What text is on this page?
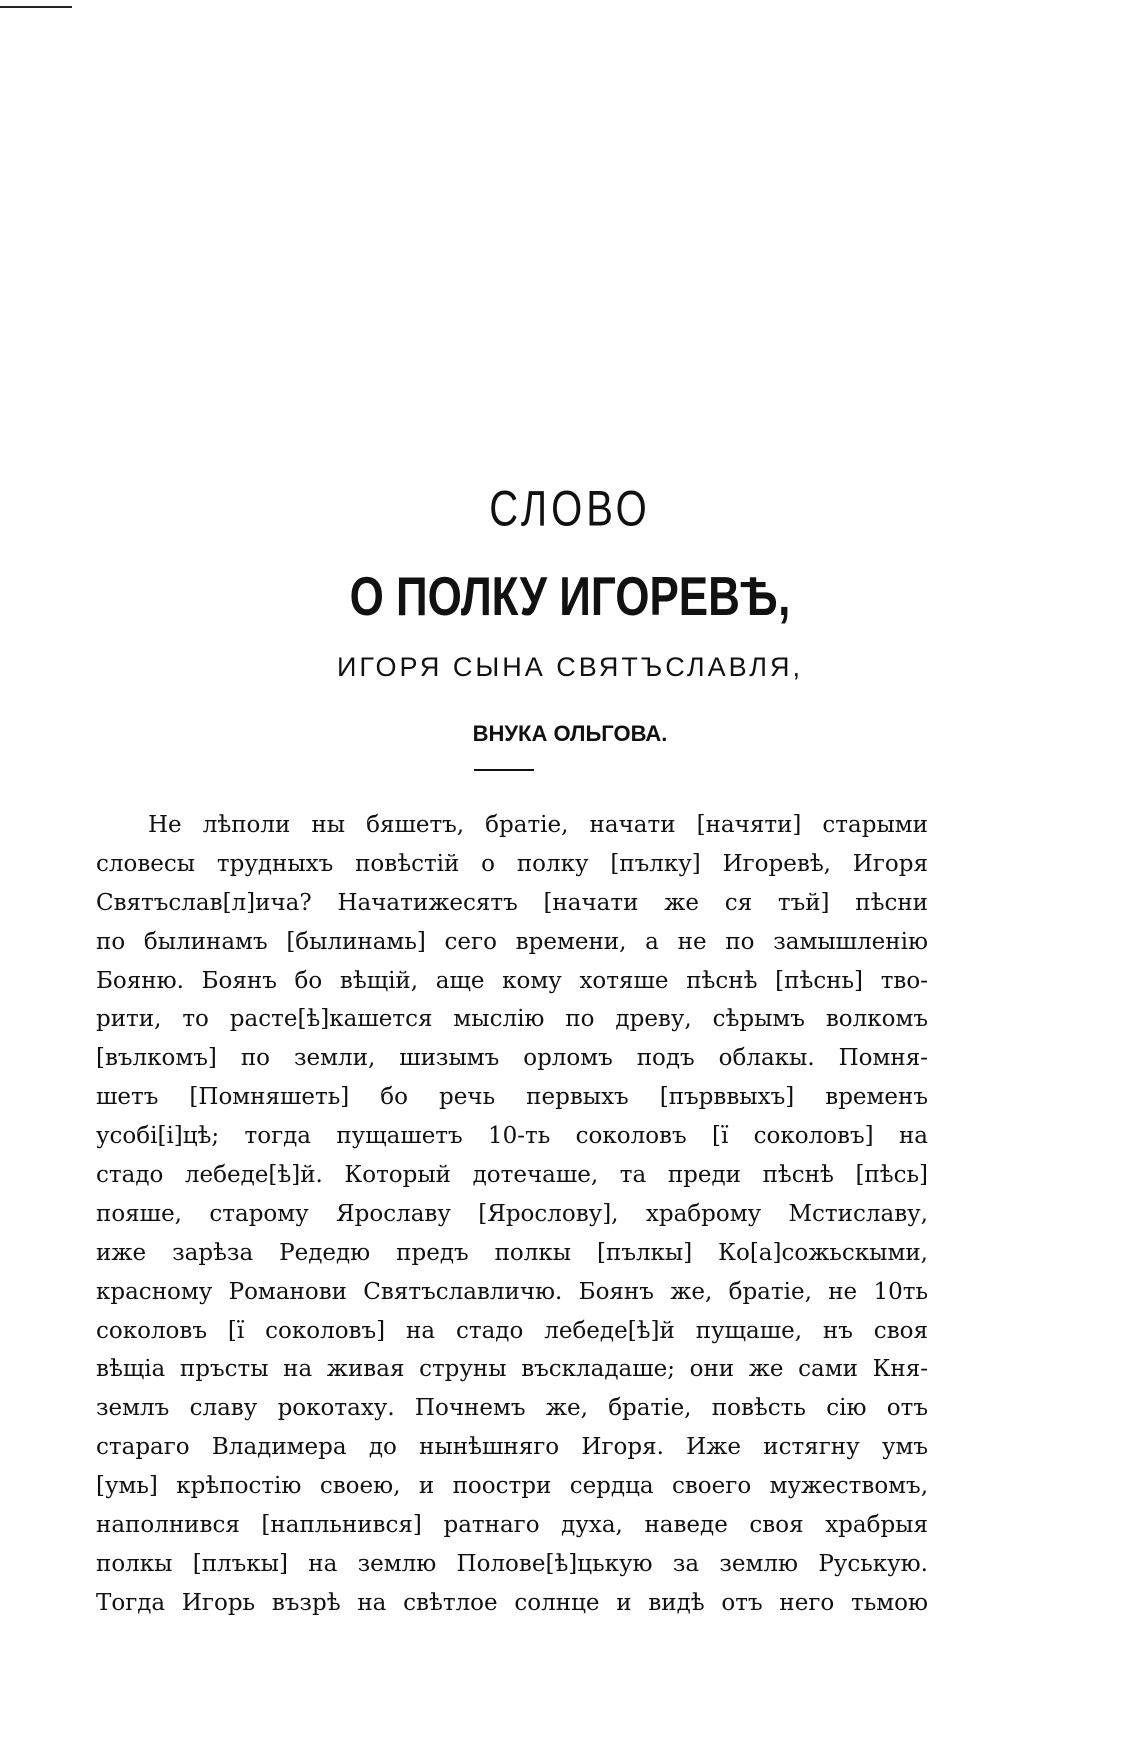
СЛОВО
О ПОЛКУ ИГОРЕВѢ,
ИГОРЯ СЫНА СВЯТЪСЛАВЛЯ,
ВНУКА ОЛЬГОВА.
Не лѣполи ны бяшетъ, братіе, начати [начяти] старыми
словесы трудныхъ повѣстій о полку [пълку] Игоревѣ, Игоря
Святъслав[л]ича? Начатижесятъ [начати же ся тъй] пѣсни
по былинамъ [былинамь] сего времени, а не по замышленію
Бояню. Боянъ бо вѣщій, аще кому хотяше пѣснѣ [пѣснь] тво-
рити, то расте[ѣ]кашется мыслію по древу, сѣрымъ волкомъ
[вълкомъ] по земли, шизымъ орломъ подъ облакы. Помня-
шетъ [Помняшеть] бо речь первыхъ [първвыхъ] временъ
усобі[і]цѣ; тогда пущашетъ 10-ть соколовъ [ї соколовъ] на
стадо лебеде[ѣ]й. Который дотечаше, та преди пѣснѣ [пѣсь]
пояше, старому Ярославу [Ярослову], храброму Мстиславу,
иже зарѣза Редедю предъ полкы [пълкы] Ко[а]сожьскыми,
красному Романови Святъславличю. Боянъ же, братіе, не 10ть
соколовъ [ї соколовъ] на стадо лебеде[ѣ]й пущаше, нъ своя
вѣщіа пръсты на живая струны въскладаше; они же сами Кня-
землъ славу рокотаху. Почнемъ же, братіе, повѣсть сію отъ
стараго Владимера до нынѣшняго Игоря. Иже истягну умъ
[умь] крѣпостію своею, и поостри сердца своего мужествомъ,
наполнився [напльнився] ратнаго духа, наведе своя храбрыя
полкы [плъкы] на землю Полове[ѣ]цькую за землю Руськую.
Тогда Игорь възрѣ на свѣтлое солнце и видѣ отъ него тьмою
